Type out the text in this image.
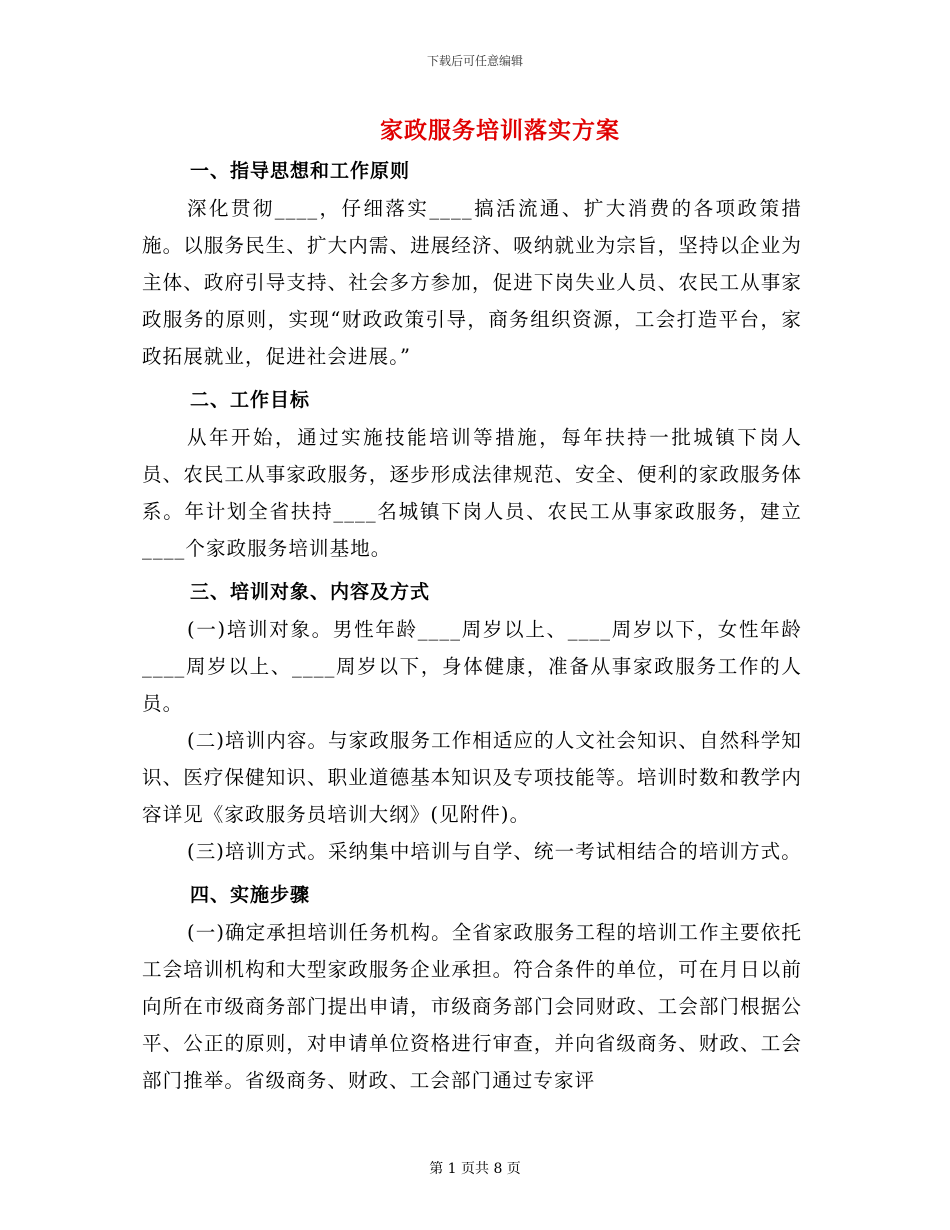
下载后可任意编辑
家政服务培训落实方案
一、指导思想和工作原则
深化贯彻____，仔细落实____搞活流通、扩大消费的各项政策措施。以服务民生、扩大内需、进展经济、吸纳就业为宗旨，坚持以企业为主体、政府引导支持、社会多方参加，促进下岗失业人员、农民工从事家政服务的原则，实现“财政政策引导，商务组织资源，工会打造平台，家政拓展就业，促进社会进展。”
二、工作目标
从年开始，通过实施技能培训等措施，每年扶持一批城镇下岗人员、农民工从事家政服务，逐步形成法律规范、安全、便利的家政服务体系。年计划全省扶持____名城镇下岗人员、农民工从事家政服务，建立____个家政服务培训基地。
三、培训对象、内容及方式
(一)培训对象。男性年龄____周岁以上、____周岁以下，女性年龄____周岁以上、____周岁以下，身体健康，准备从事家政服务工作的人员。
(二)培训内容。与家政服务工作相适应的人文社会知识、自然科学知识、医疗保健知识、职业道德基本知识及专项技能等。培训时数和教学内容详见《家政服务员培训大纲》(见附件)。
(三)培训方式。采纳集中培训与自学、统一考试相结合的培训方式。
四、实施步骤
(一)确定承担培训任务机构。全省家政服务工程的培训工作主要依托工会培训机构和大型家政服务企业承担。符合条件的单位，可在月日以前向所在市级商务部门提出申请，市级商务部门会同财政、工会部门根据公平、公正的原则，对申请单位资格进行审查，并向省级商务、财政、工会部门推举。省级商务、财政、工会部门通过专家评
第 1 页共 8 页
